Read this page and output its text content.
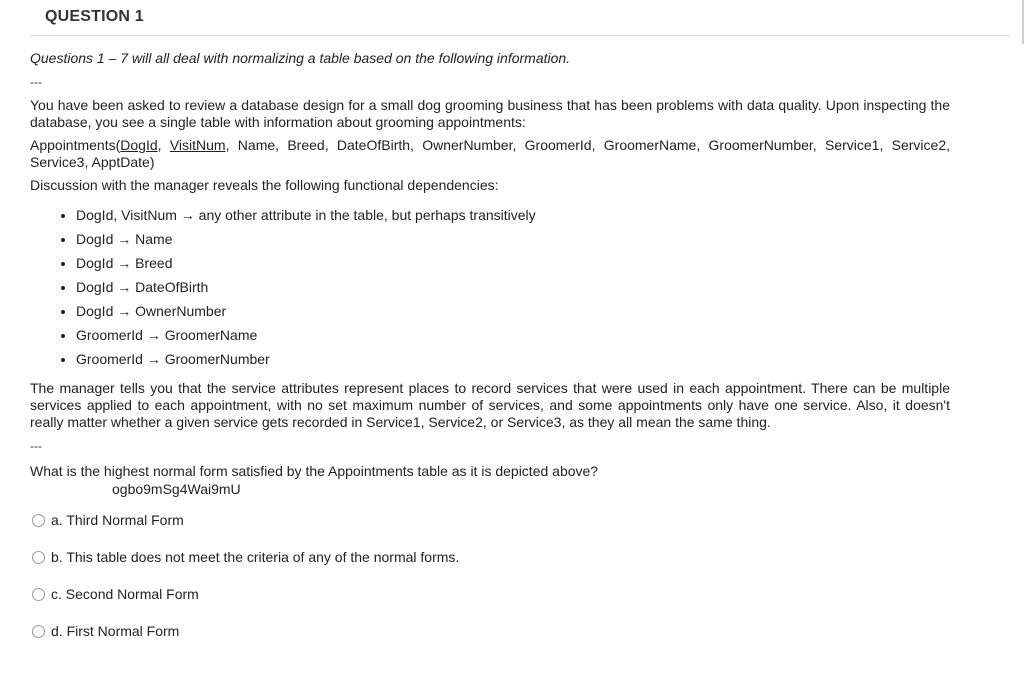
QUESTION 1

Questions 1 – 7 will all deal with normalizing a table based on the following information.

---

You have been asked to review a database design for a small dog grooming business that has been problems with data quality. Upon inspecting the database, you see a single table with information about grooming appointments:

Appointments(DogId, VisitNum, Name, Breed, DateOfBirth, OwnerNumber, GroomerId, GroomerName, GroomerNumber, Service1, Service2, Service3, ApptDate)

Discussion with the manager reveals the following functional dependencies:

• DogId, VisitNum → any other attribute in the table, but perhaps transitively
• DogId → Name
• DogId → Breed
• DogId → DateOfBirth
• DogId → OwnerNumber
• GroomerId → GroomerName
• GroomerId → GroomerNumber

The manager tells you that the service attributes represent places to record services that were used in each appointment. There can be multiple services applied to each appointment, with no set maximum number of services, and some appointments only have one service. Also, it doesn't really matter whether a given service gets recorded in Service1, Service2, or Service3, as they all mean the same thing.

---

What is the highest normal form satisfied by the Appointments table as it is depicted above?

ogbo9mSg4Wai9mU

a. Third Normal Form
b. This table does not meet the criteria of any of the normal forms.
c. Second Normal Form
d. First Normal Form
